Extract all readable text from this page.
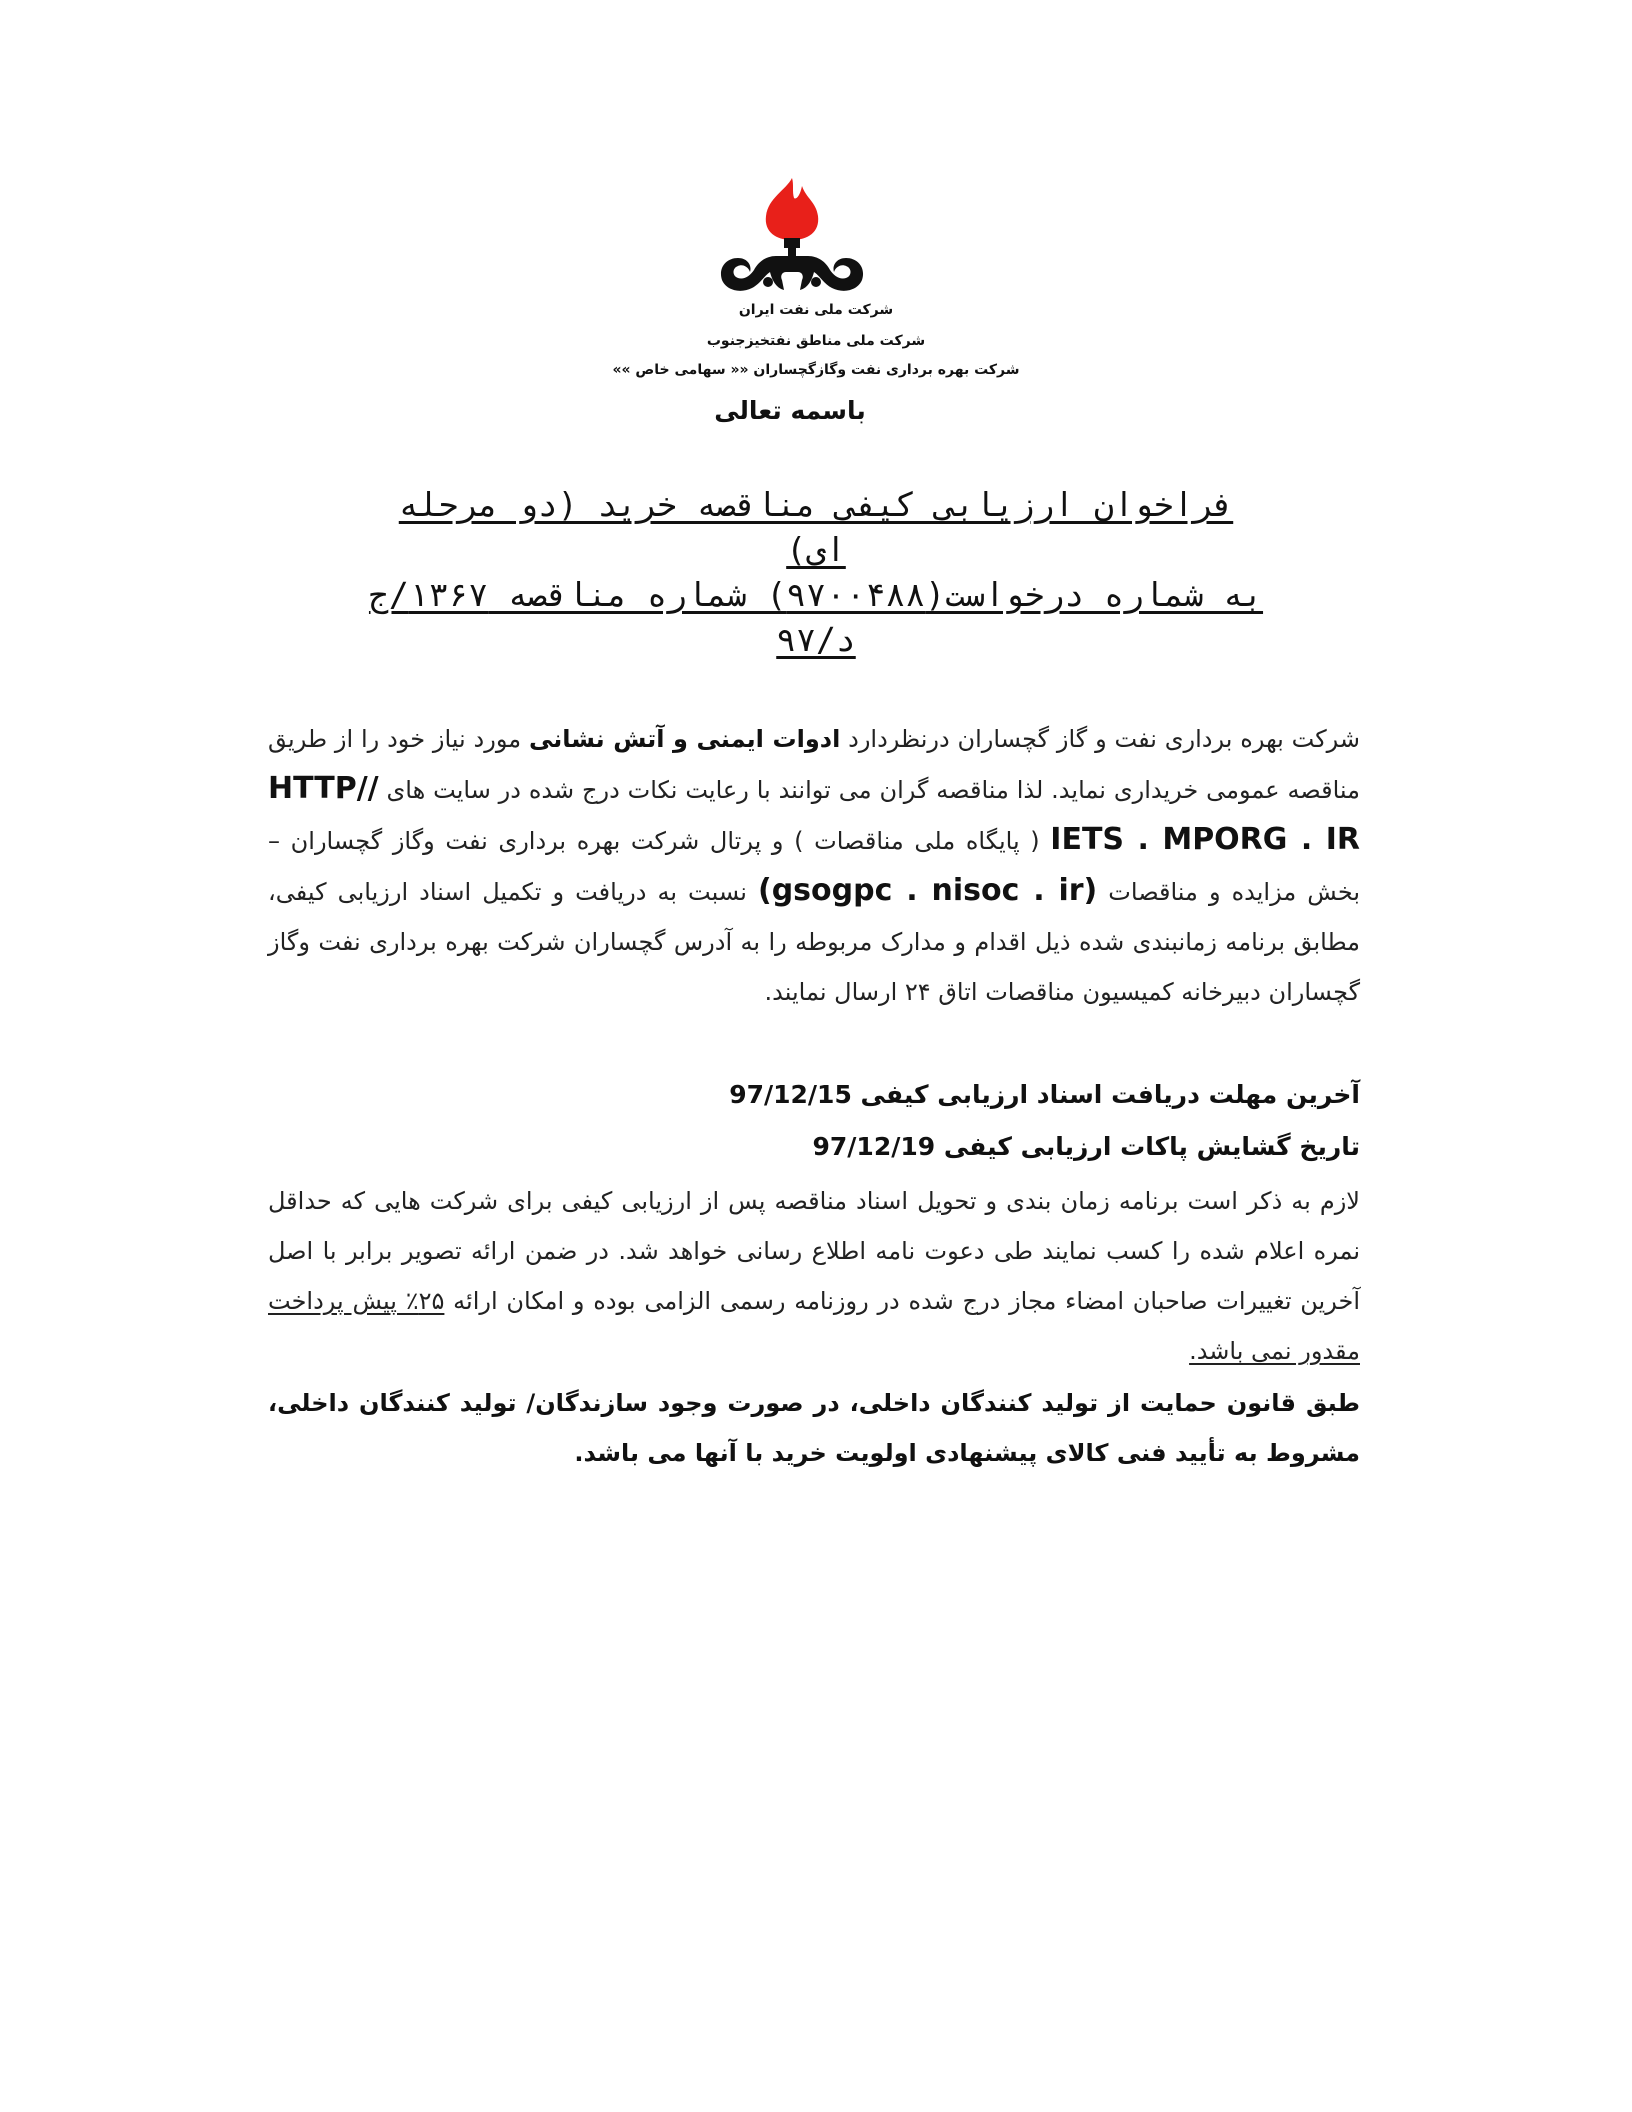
شرکت ملی نفت ایران
شرکت ملی مناطق نفتخیزجنوب
شرکت بهره برداری نفت وگازگچساران «« سهامی خاص »»
باسمه تعالی
فراخوان ارزیابی کیفی مناقصه خرید (دو مرحله
ای)
به شماره درخواست(۹۷۰۰۴۸۸) شماره مناقصه ۱۳۶۷/ج
د/۹۷
شرکت بهره برداری نفت و گاز گچساران درنظردارد ادوات ایمنی و آتش نشانی مورد نیاز خود را از طریق مناقصه عمومی خریداری نماید. لذا مناقصه گران می توانند با رعایت نکات درج شده در سایت های HTTP// IETS . MPORG . IR ( پایگاه ملی مناقصات ) و پرتال شرکت بهره برداری نفت وگاز گچساران – بخش مزایده و مناقصات (gsogpc . nisoc . ir) نسبت به دریافت و تکمیل اسناد ارزیابی کیفی، مطابق برنامه زمانبندی شده ذیل اقدام و مدارک مربوطه را به آدرس گچساران شرکت بهره برداری نفت وگاز گچساران دبیرخانه کمیسیون مناقصات اتاق ۲۴ ارسال نمایند.
آخرین مهلت دریافت اسناد ارزیابی کیفی 97/12/15
تاریخ گشایش پاکات ارزیابی کیفی 97/12/19
لازم به ذکر است برنامه زمان بندی و تحویل اسناد مناقصه پس از ارزیابی کیفی برای شرکت هایی که حداقل نمره اعلام شده را کسب نمایند طی دعوت نامه اطلاع رسانی خواهد شد. در ضمن ارائه تصویر برابر با اصل آخرین تغییرات صاحبان امضاء مجاز درج شده در روزنامه رسمی الزامی بوده و امکان ارائه ۲۵٪ پیش پرداخت مقدور نمی باشد.
طبق قانون حمایت از تولید کنندگان داخلی، در صورت وجود سازندگان/ تولید کنندگان داخلی، مشروط به تأیید فنی کالای پیشنهادی اولویت خرید با آنها می باشد.
